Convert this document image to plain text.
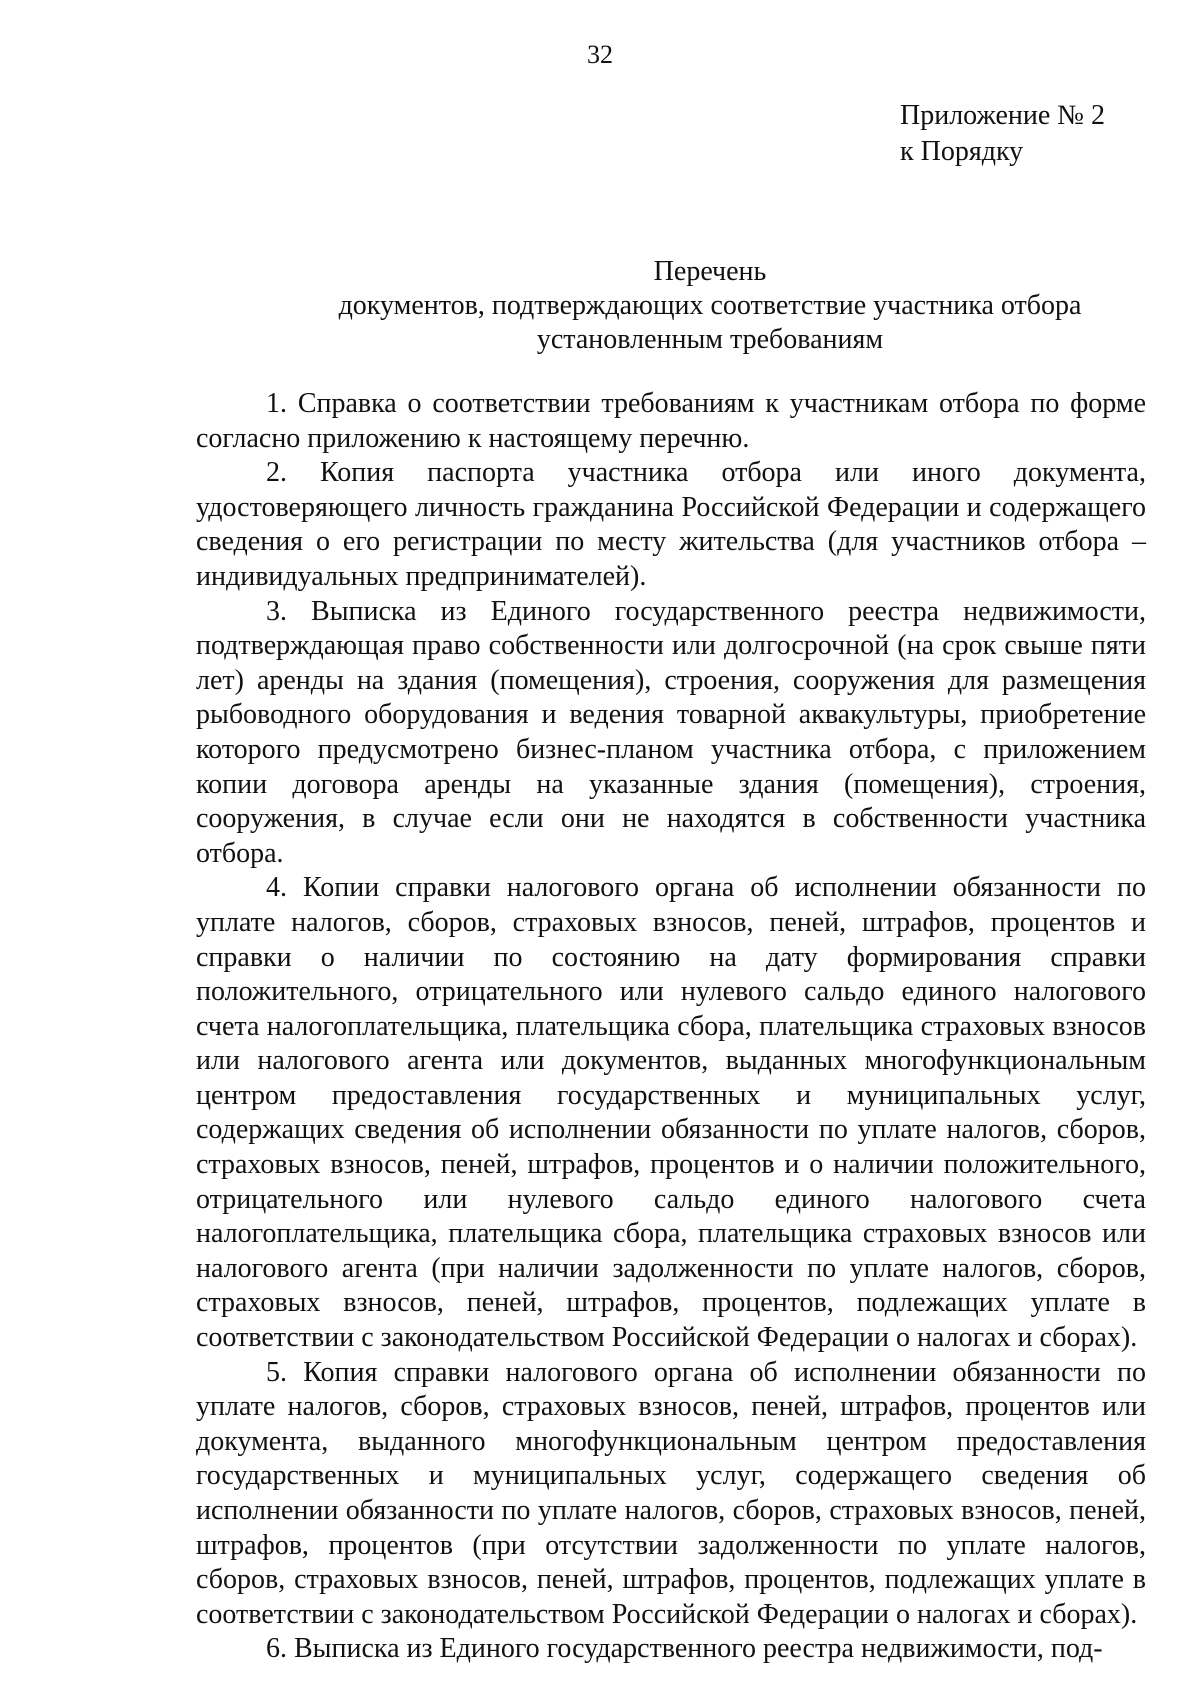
32
Приложение № 2
к Порядку
Перечень
документов, подтверждающих соответствие участника отбора
установленным требованиям

1. Справка о соответствии требованиям к участникам отбора по форме согласно приложению к настоящему перечню.

2. Копия паспорта участника отбора или иного документа, удостоверяющего личность гражданина Российской Федерации и содержащего сведения о его регистрации по месту жительства (для участников отбора – индивидуальных предпринимателей).

3. Выписка из Единого государственного реестра недвижимости, подтверждающая право собственности или долгосрочной (на срок свыше пяти лет) аренды на здания (помещения), строения, сооружения для размещения рыбоводного оборудования и ведения товарной аквакультуры, приобретение которого предусмотрено бизнес-планом участника отбора, с приложением копии договора аренды на указанные здания (помещения), строения, сооружения, в случае если они не находятся в собственности участника отбора.

4. Копии справки налогового органа об исполнении обязанности по уплате налогов, сборов, страховых взносов, пеней, штрафов, процентов и справки о наличии по состоянию на дату формирования справки положительного, отрицательного или нулевого сальдо единого налогового счета налогоплательщика, плательщика сбора, плательщика страховых взносов или налогового агента или документов, выданных многофункциональным центром предоставления государственных и муниципальных услуг, содержащих сведения об исполнении обязанности по уплате налогов, сборов, страховых взносов, пеней, штрафов, процентов и о наличии положительного, отрицательного или нулевого сальдо единого налогового счета налогоплательщика, плательщика сбора, плательщика страховых взносов или налогового агента (при наличии задолженности по уплате налогов, сборов, страховых взносов, пеней, штрафов, процентов, подлежащих уплате в соответствии с законодательством Российской Федерации о налогах и сборах).

5. Копия справки налогового органа об исполнении обязанности по уплате налогов, сборов, страховых взносов, пеней, штрафов, процентов или документа, выданного многофункциональным центром предоставления государственных и муниципальных услуг, содержащего сведения об исполнении обязанности по уплате налогов, сборов, страховых взносов, пеней, штрафов, процентов (при отсутствии задолженности по уплате налогов, сборов, страховых взносов, пеней, штрафов, процентов, подлежащих уплате в соответствии с законодательством Российской Федерации о налогах и сборах).

6. Выписка из Единого государственного реестра недвижимости, под-
